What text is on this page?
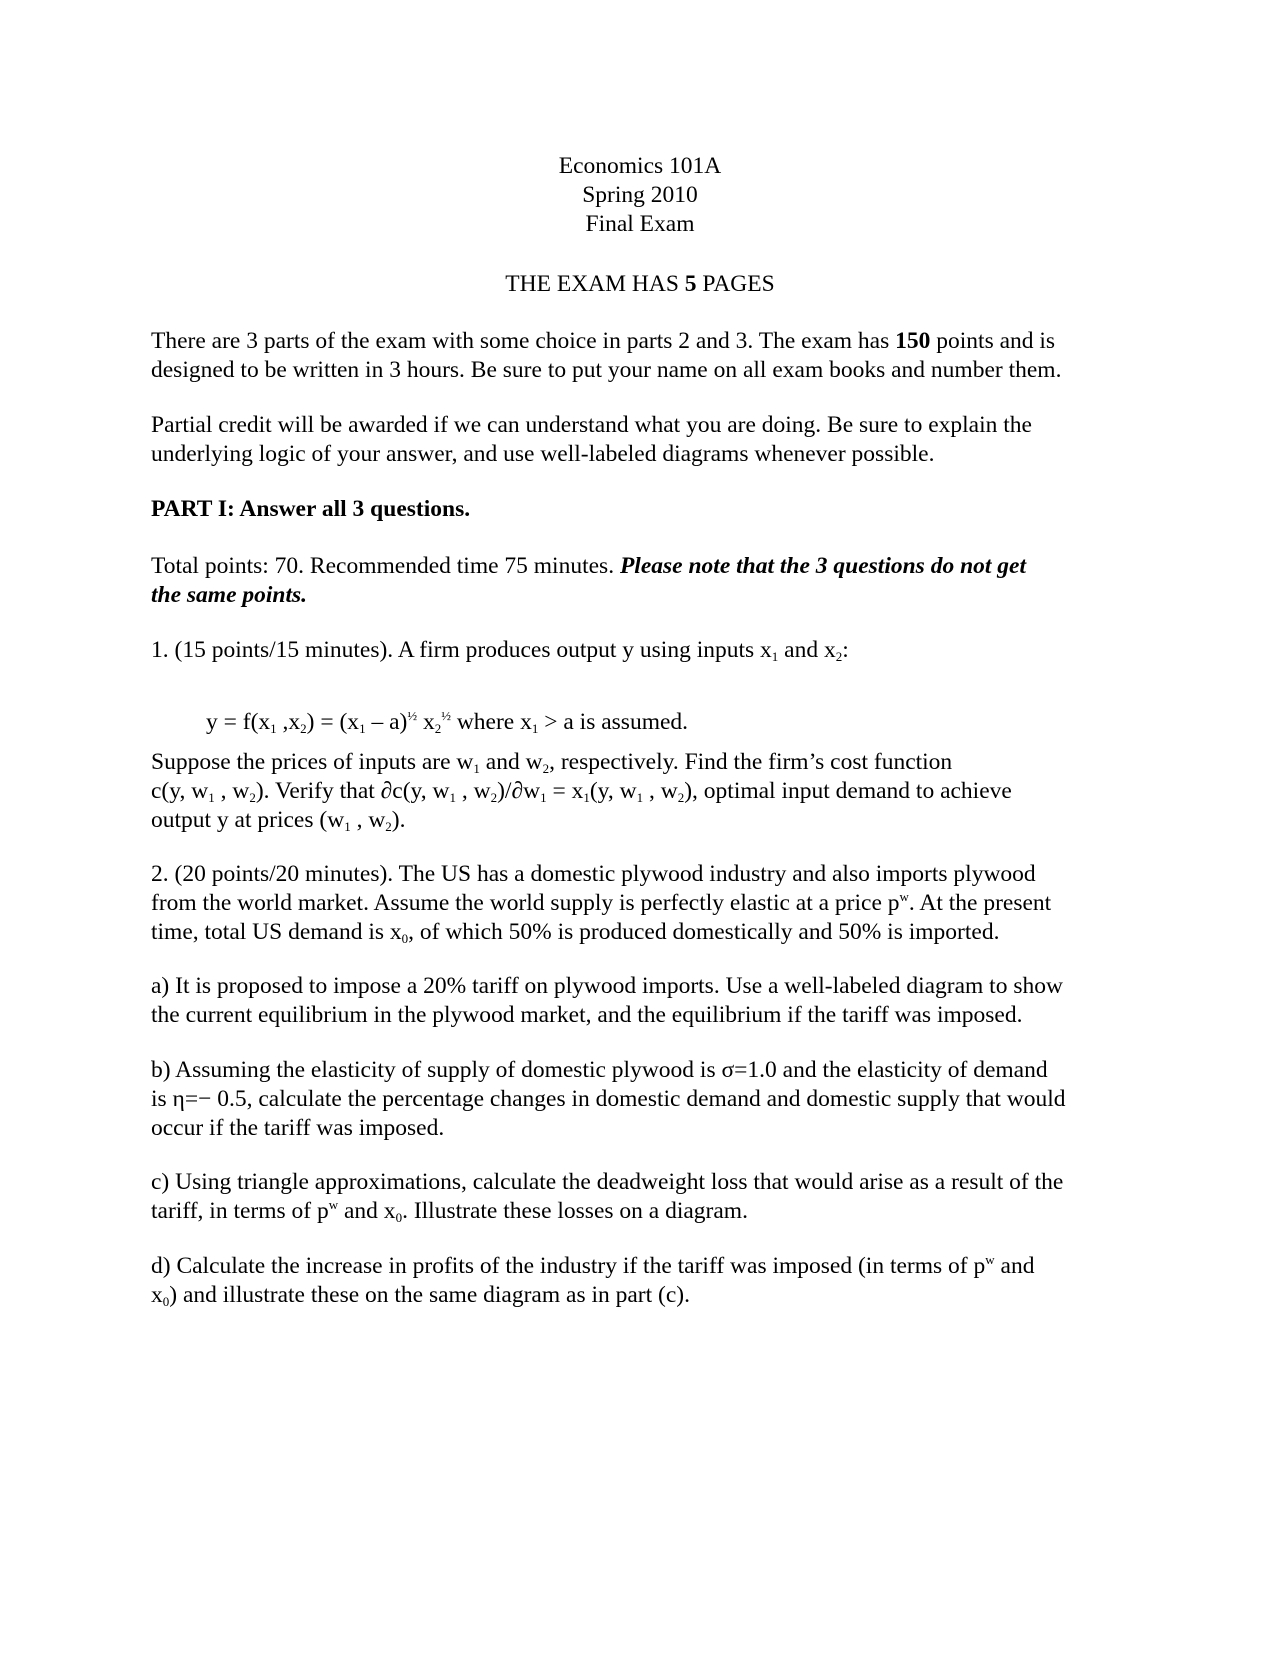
Economics 101A
Spring 2010
Final Exam
THE EXAM HAS 5 PAGES
There are 3 parts of the exam with some choice in parts 2 and 3. The exam has 150 points and is
designed to be written in 3 hours. Be sure to put your name on all exam books and number them.
Partial credit will be awarded if we can understand what you are doing. Be sure to explain the
underlying logic of your answer, and use well-labeled diagrams whenever possible.
PART I: Answer all 3 questions.
Total points: 70. Recommended time 75 minutes. Please note that the 3 questions do not get
the same points.
1. (15 points/15 minutes). A firm produces output y using inputs $x_1$ and $x_2$:
$y = f(x_1$ $,x_2) = (x_1 - a)^{\frac{1}{2}}$ $x_2^{\frac{1}{2}}$ where $x_1 > a$ is assumed.
Suppose the prices of inputs are $w_1$ and $w_2$, respectively. Find the firm’s cost function
c(y, $w_1$ , $w_2$). Verify that ∂c(y, $w_1$ , $w_2)/\partial w_1 = x_1(y$, $w_1$ , $w_2$), optimal input demand to achieve
output y at prices ($w_1$ , $w_2$).
2. (20 points/20 minutes). The US has a domestic plywood industry and also imports plywood
from the world market. Assume the world supply is perfectly elastic at a price $p^w$. At the present
time, total US demand is $x_0$, of which 50% is produced domestically and 50% is imported.
a) It is proposed to impose a 20% tariff on plywood imports. Use a well-labeled diagram to show
the current equilibrium in the plywood market, and the equilibrium if the tariff was imposed.
b) Assuming the elasticity of supply of domestic plywood is σ=1.0 and the elasticity of demand
is η=− 0.5, calculate the percentage changes in domestic demand and domestic supply that would
occur if the tariff was imposed.
c) Using triangle approximations, calculate the deadweight loss that would arise as a result of the
tariff, in terms of $p^w$ and $x_0$. Illustrate these losses on a diagram.
d) Calculate the increase in profits of the industry if the tariff was imposed (in terms of $p^w$ and
$x_0$) and illustrate these on the same diagram as in part (c).
